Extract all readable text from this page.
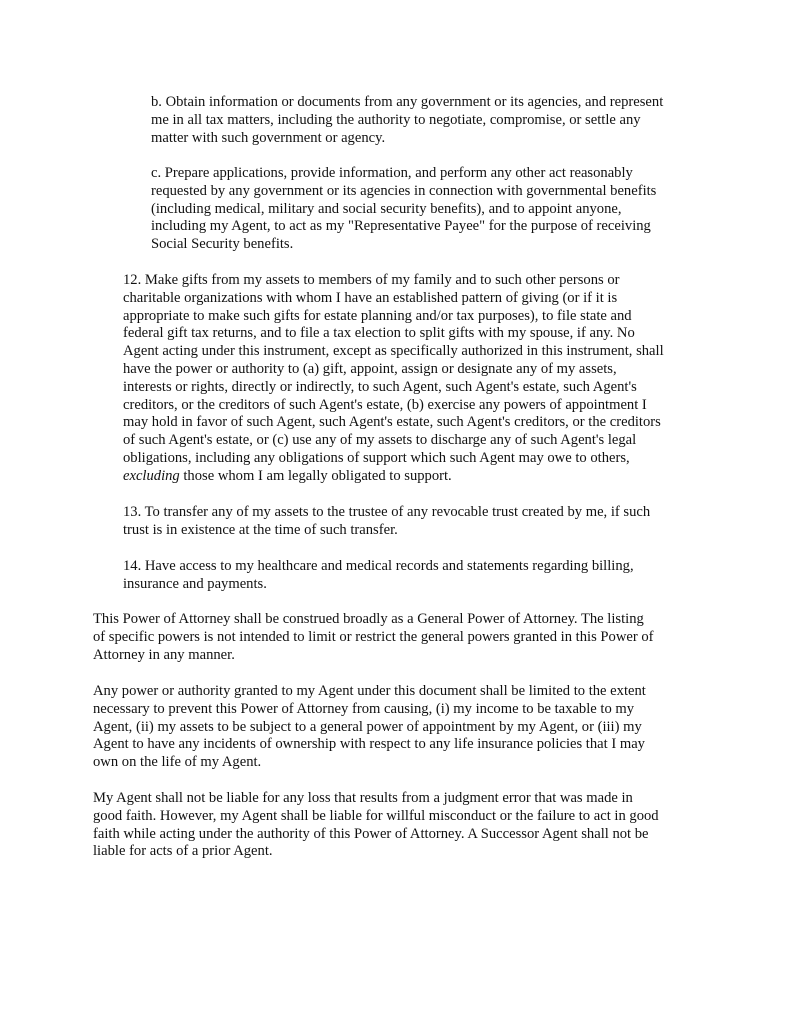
b. Obtain information or documents from any government or its agencies, and represent
me in all tax matters, including the authority to negotiate, compromise, or settle any
matter with such government or agency.
c. Prepare applications, provide information, and perform any other act reasonably
requested by any government or its agencies in connection with governmental benefits
(including medical, military and social security benefits), and to appoint anyone,
including my Agent, to act as my "Representative Payee" for the purpose of receiving
Social Security benefits.
12. Make gifts from my assets to members of my family and to such other persons or
charitable organizations with whom I have an established pattern of giving (or if it is
appropriate to make such gifts for estate planning and/or tax purposes), to file state and
federal gift tax returns, and to file a tax election to split gifts with my spouse, if any. No
Agent acting under this instrument, except as specifically authorized in this instrument, shall
have the power or authority to (a) gift, appoint, assign or designate any of my assets,
interests or rights, directly or indirectly, to such Agent, such Agent's estate, such Agent's
creditors, or the creditors of such Agent's estate, (b) exercise any powers of appointment I
may hold in favor of such Agent, such Agent's estate, such Agent's creditors, or the creditors
of such Agent's estate, or (c) use any of my assets to discharge any of such Agent's legal
obligations, including any obligations of support which such Agent may owe to others,
excluding those whom I am legally obligated to support.
13. To transfer any of my assets to the trustee of any revocable trust created by me, if such
trust is in existence at the time of such transfer.
14. Have access to my healthcare and medical records and statements regarding billing,
insurance and payments.
This Power of Attorney shall be construed broadly as a General Power of Attorney. The listing
of specific powers is not intended to limit or restrict the general powers granted in this Power of
Attorney in any manner.
Any power or authority granted to my Agent under this document shall be limited to the extent
necessary to prevent this Power of Attorney from causing, (i) my income to be taxable to my
Agent, (ii) my assets to be subject to a general power of appointment by my Agent, or (iii) my
Agent to have any incidents of ownership with respect to any life insurance policies that I may
own on the life of my Agent.
My Agent shall not be liable for any loss that results from a judgment error that was made in
good faith. However, my Agent shall be liable for willful misconduct or the failure to act in good
faith while acting under the authority of this Power of Attorney. A Successor Agent shall not be
liable for acts of a prior Agent.
